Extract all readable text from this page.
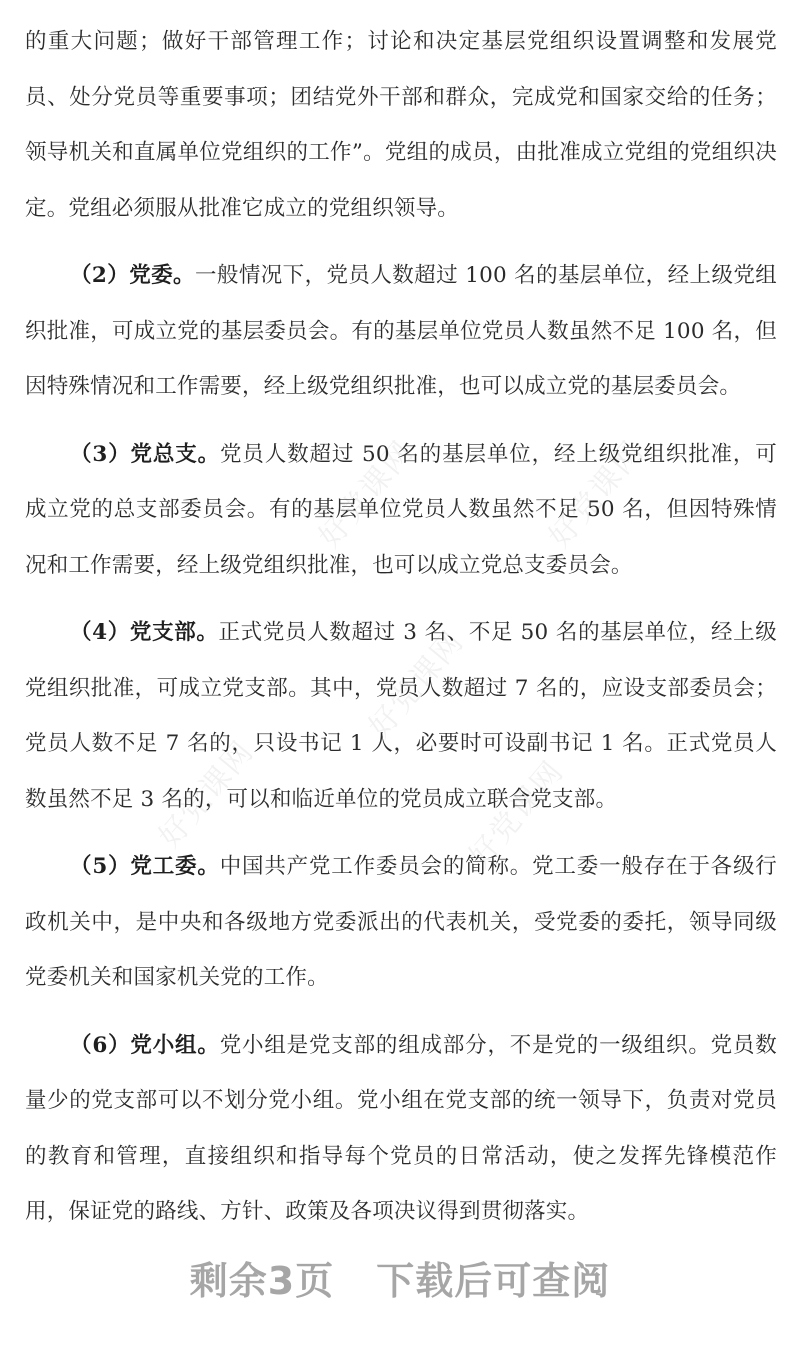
好党课网	好党课网
好党课网
好党课网
好党课网

的重大问题；做好干部管理工作；讨论和决定基层党组织设置调整和发展党员、处分党员等重要事项；团结党外干部和群众，完成党和国家交给的任务；领导机关和直属单位党组织的工作”。党组的成员，由批准成立党组的党组织决定。党组必须服从批准它成立的党组织领导。

（2）党委。一般情况下，党员人数超过 100 名的基层单位，经上级党组织批准，可成立党的基层委员会。有的基层单位党员人数虽然不足 100 名，但因特殊情况和工作需要，经上级党组织批准，也可以成立党的基层委员会。

（3）党总支。党员人数超过 50 名的基层单位，经上级党组织批准，可成立党的总支部委员会。有的基层单位党员人数虽然不足 50 名，但因特殊情况和工作需要，经上级党组织批准，也可以成立党总支委员会。

（4）党支部。正式党员人数超过 3 名、不足 50 名的基层单位，经上级党组织批准，可成立党支部。其中，党员人数超过 7 名的，应设支部委员会；党员人数不足 7 名的，只设书记 1 人，必要时可设副书记 1 名。正式党员人数虽然不足 3 名的，可以和临近单位的党员成立联合党支部。

（5）党工委。中国共产党工作委员会的简称。党工委一般存在于各级行政机关中，是中央和各级地方党委派出的代表机关，受党委的委托，领导同级党委机关和国家机关党的工作。

（6）党小组。党小组是党支部的组成部分，不是党的一级组织。党员数量少的党支部可以不划分党小组。党小组在党支部的统一领导下，负责对党员的教育和管理，直接组织和指导每个党员的日常活动，使之发挥先锋模范作用，保证党的路线、方针、政策及各项决议得到贯彻落实。

剩余3页 下载后可查阅
